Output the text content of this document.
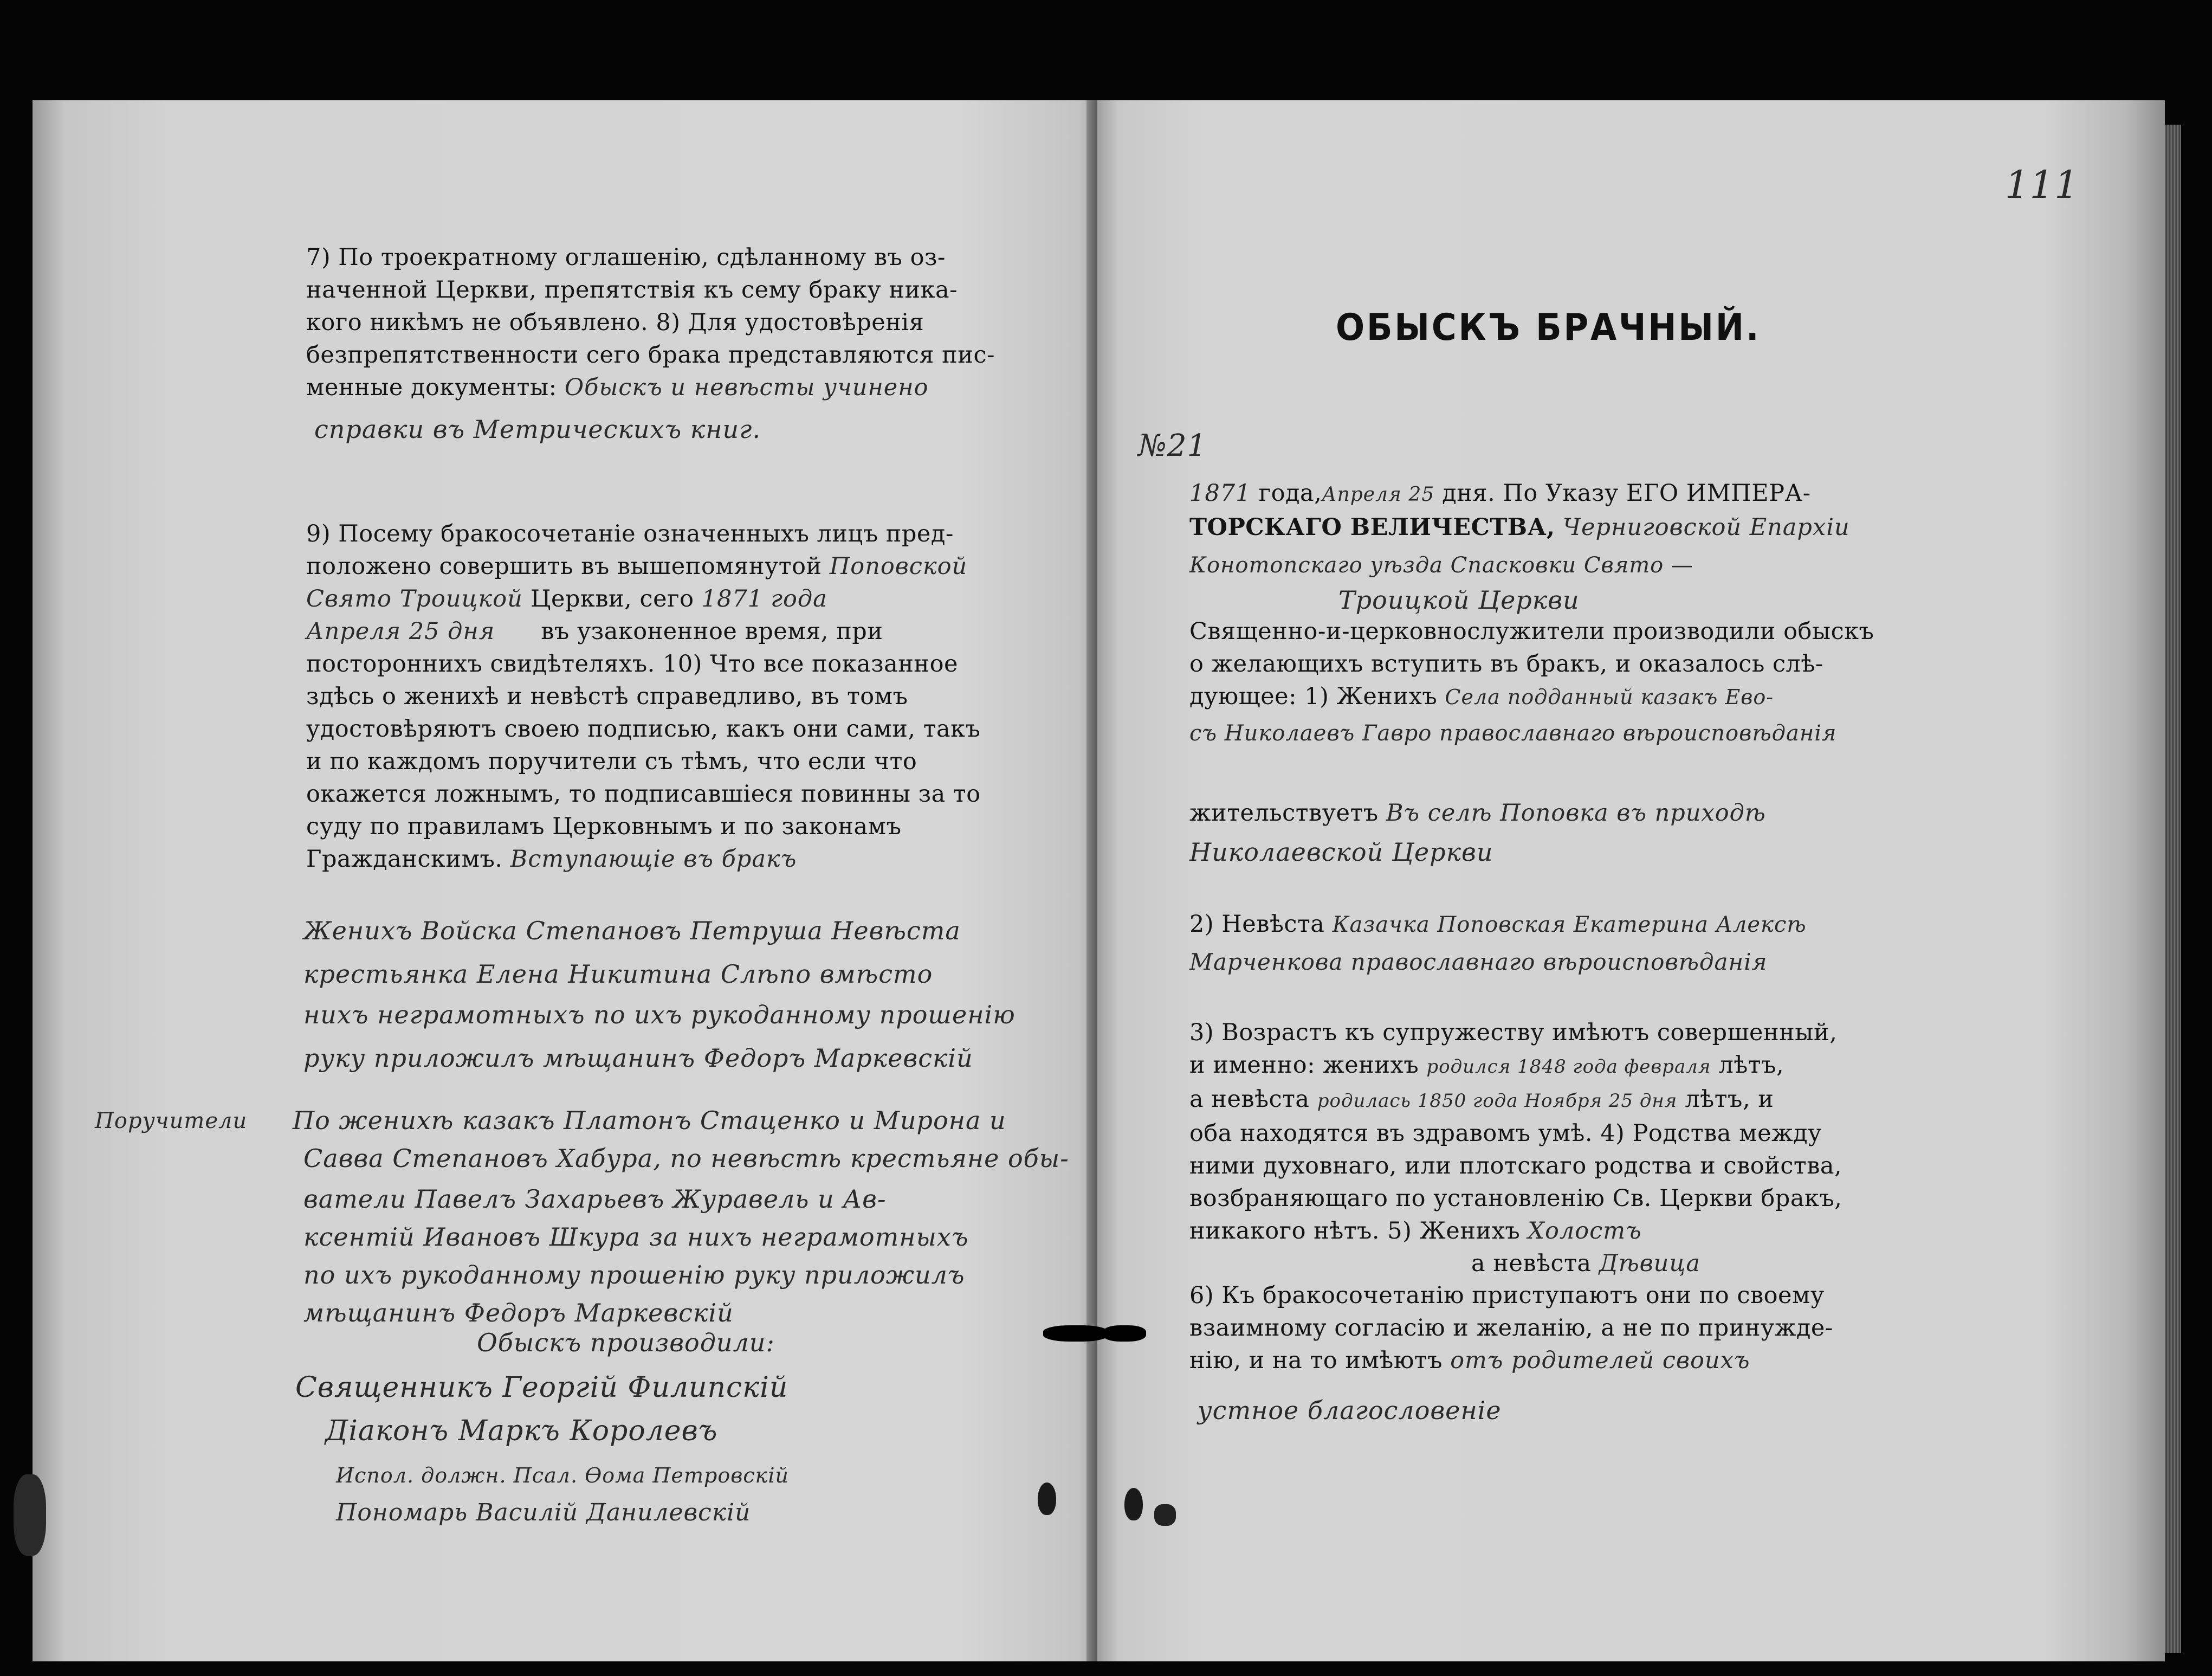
7) По троекратному оглашенію, сдѣланному въ оз-
наченной Церкви, препятствія къ сему браку ника-
кого никѣмъ не объявлено. 8) Для удостовѣренія
безпрепятственности сего брака представляются пис-
менные документы: Обыскъ и невѣсты учинено
справки въ Метрическихъ книг.
9) Посему бракосочетаніе означенныхъ лицъ пред-
положено совершить въ вышепомянутой Поповской
Свято Троицкой Церкви, сего 1871 года
Апреля 25 дня въ узаконенное время, при
постороннихъ свидѣтеляхъ. 10) Что все показанное
здѣсь о женихѣ и невѣстѣ справедливо, въ томъ
удостовѣряютъ своею подписью, какъ они сами, такъ
и по каждомъ поручители съ тѣмъ, что если что
окажется ложнымъ, то подписавшіеся повинны за то
суду по правиламъ Церковнымъ и по законамъ
Гражданскимъ. Вступающіе въ бракъ
Женихъ Войска Степановъ Петруша Невѣста
крестьянка Елена Никитина Слѣпо вмѣсто
нихъ неграмотныхъ по ихъ рукоданному прошенію
руку приложилъ мѣщанинъ Федоръ Маркевскій
Поручители По женихѣ казакъ Платонъ Стаценко и Мирона и
Савва Степановъ Хабура, по невѣстѣ крестьяне обы-
ватели Павелъ Захарьевъ Журавель и Ав-
ксентій Ивановъ Шкура за нихъ неграмотныхъ
по ихъ рукоданному прошенію руку приложилъ
мѣщанинъ Федоръ Маркевскій
Обыскъ производили:
Священникъ Георгій Филипскій
Діаконъ Маркъ Королевъ
Испол. должн. Псал. Ѳома Петровскій
Пономарь Василій Данилевскій
111
ОБЫСКЪ БРАЧНЫЙ.
№21
1871 года,Апреля 25 дня. По Указу ЕГО ИМПЕРА-
ТОРСКАГО ВЕЛИЧЕСТВА, Черниговской Епархіи
Конотопскаго уѣзда Спасковки Свято —
Троицкой Церкви
Священно-и-церковнослужители производили обыскъ
о желающихъ вступить въ бракъ, и оказалось слѣ-
дующее: 1) Женихъ Села подданный казакъ Ево-
съ Николаевъ Гавро православнаго вѣроисповѣданія
жительствуетъ Въ селѣ Поповка въ приходѣ
Николаевской Церкви
2) Невѣста Казачка Поповская Екатерина Алексѣ
Марченкова православнаго вѣроисповѣданія
3) Возрастъ къ супружеству имѣютъ совершенный,
и именно: женихъ родился 1848 года февраля лѣтъ,
а невѣста родилась 1850 года Ноября 25 дня лѣтъ, и
оба находятся въ здравомъ умѣ. 4) Родства между
ними духовнаго, или плотскаго родства и свойства,
возбраняющаго по установленію Св. Церкви бракъ,
никакого нѣтъ. 5) Женихъ Холостъ
а невѣста Дѣвица
6) Къ бракосочетанію приступаютъ они по своему
взаимному согласію и желанію, а не по принужде-
нію, и на то имѣютъ отъ родителей своихъ
устное благословеніе
